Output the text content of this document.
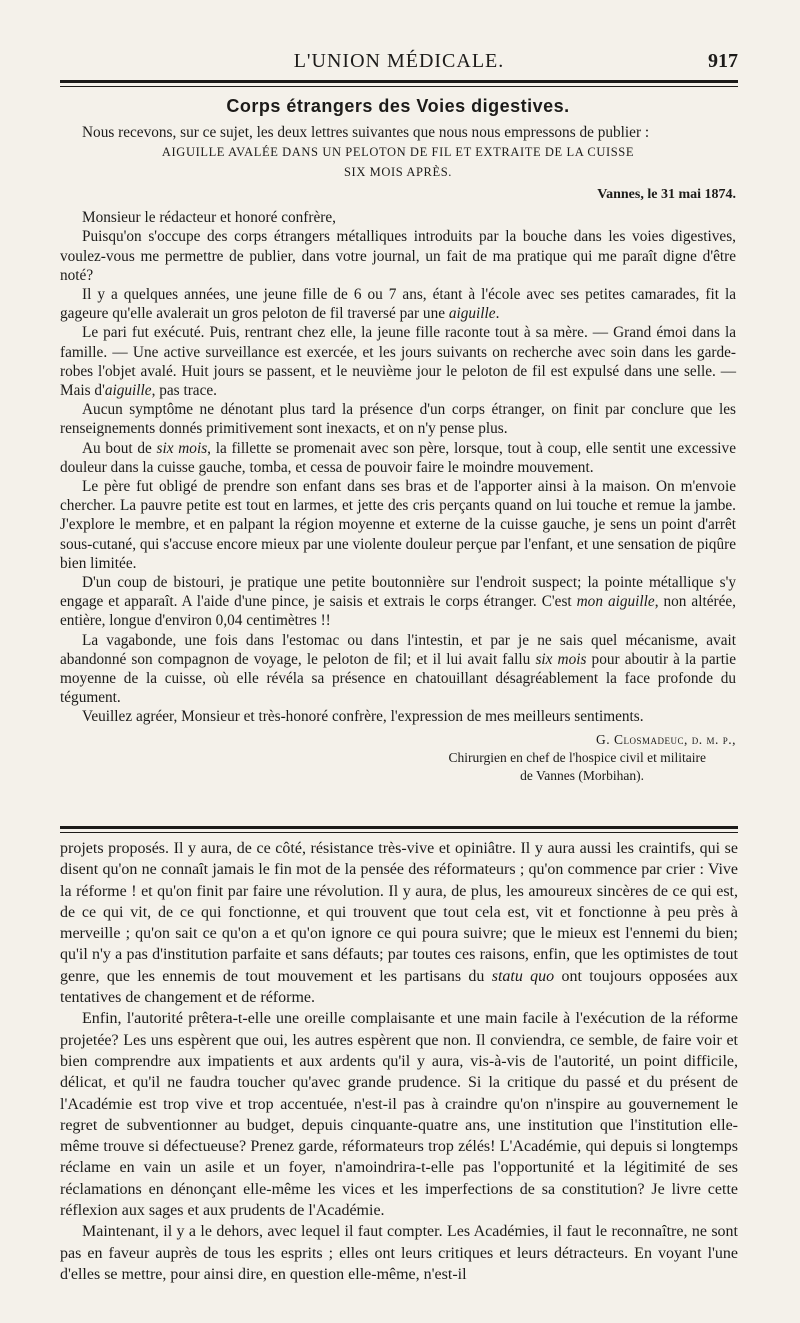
L'UNION MÉDICALE.	917
Corps étrangers des Voies digestives.

Nous recevons, sur ce sujet, les deux lettres suivantes que nous nous empressons de publier :

AIGUILLE AVALÉE DANS UN PELOTON DE FIL ET EXTRAITE DE LA CUISSE

SIX MOIS APRÈS.

Vannes, le 31 mai 1874.

Monsieur le rédacteur et honoré confrère,

Puisqu'on s'occupe des corps étrangers métalliques introduits par la bouche dans les voies digestives, voulez-vous me permettre de publier, dans votre journal, un fait de ma pratique qui me paraît digne d'être noté?

Il y a quelques années, une jeune fille de 6 ou 7 ans, étant à l'école avec ses petites camarades, fit la gageure qu'elle avalerait un gros peloton de fil traversé par une aiguille.

Le pari fut exécuté. Puis, rentrant chez elle, la jeune fille raconte tout à sa mère. — Grand émoi dans la famille. — Une active surveillance est exercée, et les jours suivants on recherche avec soin dans les garde-robes l'objet avalé. Huit jours se passent, et le neuvième jour le peloton de fil est expulsé dans une selle. — Mais d'aiguille, pas trace.

Aucun symptôme ne dénotant plus tard la présence d'un corps étranger, on finit par conclure que les renseignements donnés primitivement sont inexacts, et on n'y pense plus.

Au bout de six mois, la fillette se promenait avec son père, lorsque, tout à coup, elle sentit une excessive douleur dans la cuisse gauche, tomba, et cessa de pouvoir faire le moindre mouvement.

Le père fut obligé de prendre son enfant dans ses bras et de l'apporter ainsi à la maison. On m'envoie chercher. La pauvre petite est tout en larmes, et jette des cris perçants quand on lui touche et remue la jambe. J'explore le membre, et en palpant la région moyenne et externe de la cuisse gauche, je sens un point d'arrêt sous-cutané, qui s'accuse encore mieux par une violente douleur perçue par l'enfant, et une sensation de piqûre bien limitée.

D'un coup de bistouri, je pratique une petite boutonnière sur l'endroit suspect; la pointe métallique s'y engage et apparaît. A l'aide d'une pince, je saisis et extrais le corps étranger. C'est mon aiguille, non altérée, entière, longue d'environ 0,04 centimètres !!

La vagabonde, une fois dans l'estomac ou dans l'intestin, et par je ne sais quel mécanisme, avait abandonné son compagnon de voyage, le peloton de fil; et il lui avait fallu six mois pour aboutir à la partie moyenne de la cuisse, où elle révéla sa présence en chatouillant désagréablement la face profonde du tégument.

Veuillez agréer, Monsieur et très-honoré confrère, l'expression de mes meilleurs sentiments.

G. Closmadeuc, d. m. p.,

Chirurgien en chef de l'hospice civil et militaire

de Vannes (Morbihan).

projets proposés. Il y aura, de ce côté, résistance très-vive et opiniâtre. Il y aura aussi les craintifs, qui se disent qu'on ne connaît jamais le fin mot de la pensée des réformateurs ; qu'on commence par crier : Vive la réforme ! et qu'on finit par faire une révolution. Il y aura, de plus, les amoureux sincères de ce qui est, de ce qui vit, de ce qui fonctionne, et qui trouvent que tout cela est, vit et fonctionne à peu près à merveille ; qu'on sait ce qu'on a et qu'on ignore ce qui poura suivre; que le mieux est l'ennemi du bien; qu'il n'y a pas d'institution parfaite et sans défauts; par toutes ces raisons, enfin, que les optimistes de tout genre, que les ennemis de tout mouvement et les partisans du statu quo ont toujours opposées aux tentatives de changement et de réforme.

Enfin, l'autorité prêtera-t-elle une oreille complaisante et une main facile à l'exécution de la réforme projetée? Les uns espèrent que oui, les autres espèrent que non. Il conviendra, ce semble, de faire voir et bien comprendre aux impatients et aux ardents qu'il y aura, vis-à-vis de l'autorité, un point difficile, délicat, et qu'il ne faudra toucher qu'avec grande prudence. Si la critique du passé et du présent de l'Académie est trop vive et trop accentuée, n'est-il pas à craindre qu'on n'inspire au gouvernement le regret de subventionner au budget, depuis cinquante-quatre ans, une institution que l'institution elle-même trouve si défectueuse? Prenez garde, réformateurs trop zélés! L'Académie, qui depuis si longtemps réclame en vain un asile et un foyer, n'amoindrira-t-elle pas l'opportunité et la légitimité de ses réclamations en dénonçant elle-même les vices et les imperfections de sa constitution? Je livre cette réflexion aux sages et aux prudents de l'Académie.

Maintenant, il y a le dehors, avec lequel il faut compter. Les Académies, il faut le reconnaître, ne sont pas en faveur auprès de tous les esprits ; elles ont leurs critiques et leurs détracteurs. En voyant l'une d'elles se mettre, pour ainsi dire, en question elle-même, n'est-il
